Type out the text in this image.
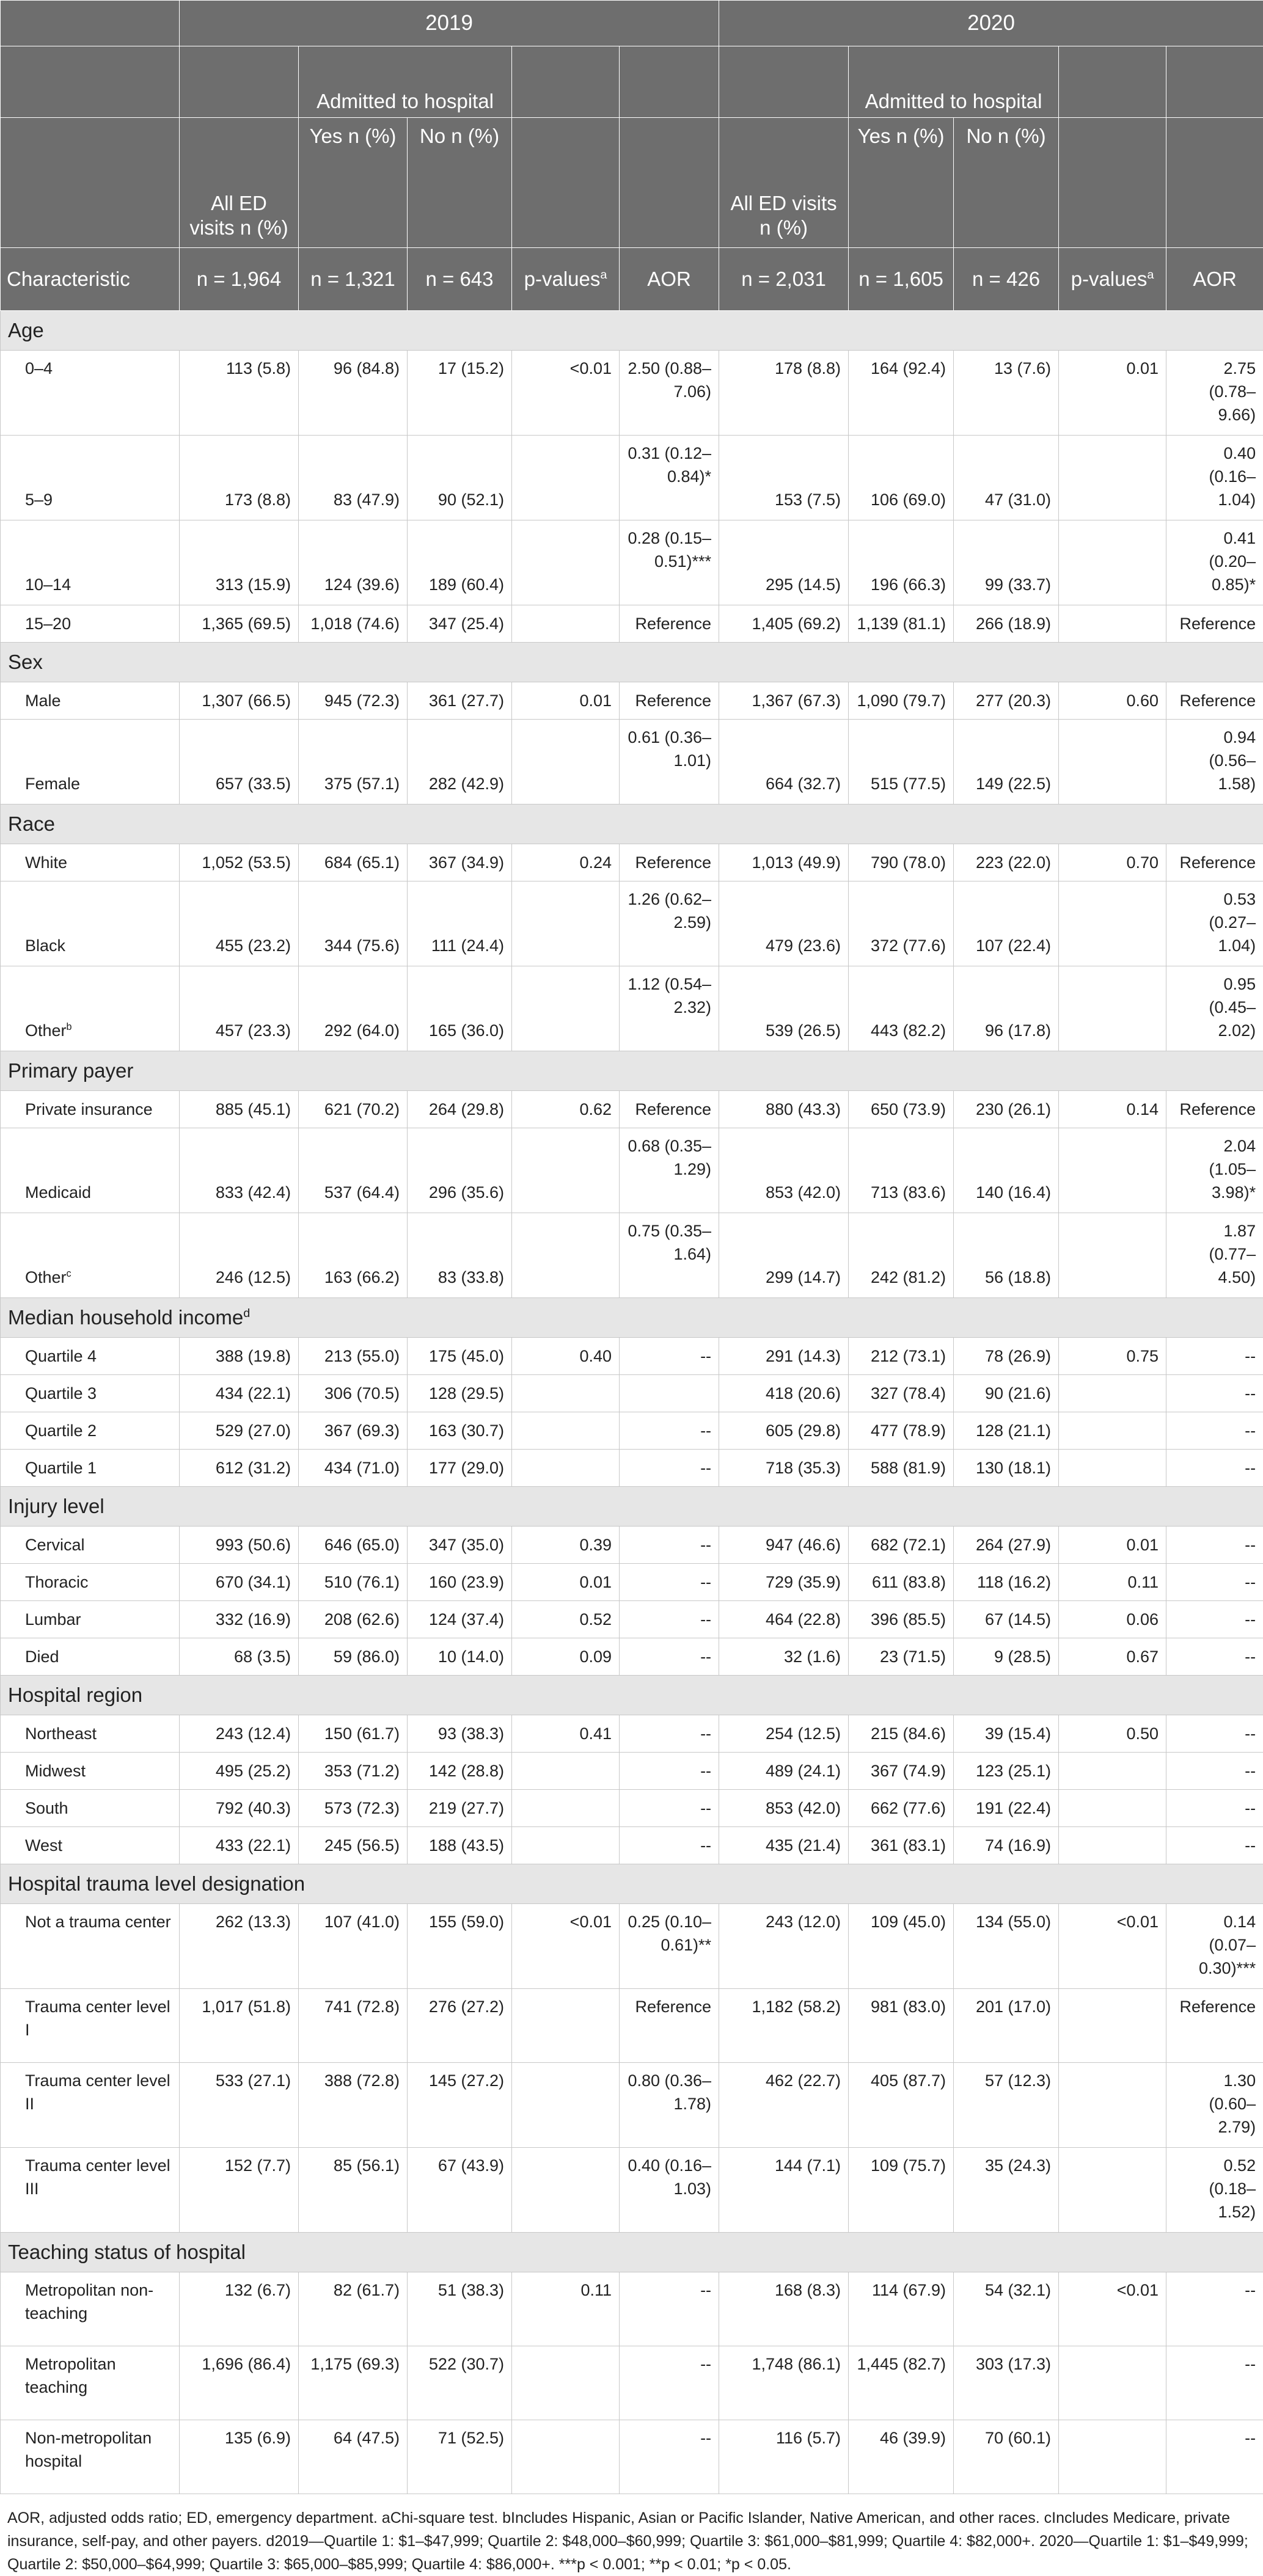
	2019					2020				
		Admitted to hospital					Admitted to hospital			
	All ED visits n (%)	Yes n (%)	No n (%)			All ED visits n (%)	Yes n (%)	No n (%)		
Characteristic	n = 1,964	n = 1,321	n = 643	p-values$^a$	AOR	n = 2,031	n = 1,605	n = 426	p-values$^a$	AOR
Age										
0–4	113 (5.8)	96 (84.8)	17 (15.2)	<0.01	2.50 (0.88–7.06)	178 (8.8)	164 (92.4)	13 (7.6)	0.01	2.75 (0.78–9.66)
5–9	173 (8.8)	83 (47.9)	90 (52.1)		0.31 (0.12–0.84)*	153 (7.5)	106 (69.0)	47 (31.0)		0.40 (0.16–1.04)
10–14	313 (15.9)	124 (39.6)	189 (60.4)		0.28 (0.15–0.51)***	295 (14.5)	196 (66.3)	99 (33.7)		0.41 (0.20–0.85)*
15–20	1,365 (69.5)	1,018 (74.6)	347 (25.4)		Reference	1,405 (69.2)	1,139 (81.1)	266 (18.9)		Reference
Sex										
Male	1,307 (66.5)	945 (72.3)	361 (27.7)	0.01	Reference	1,367 (67.3)	1,090 (79.7)	277 (20.3)	0.60	Reference
Female	657 (33.5)	375 (57.1)	282 (42.9)		0.61 (0.36–1.01)	664 (32.7)	515 (77.5)	149 (22.5)		0.94 (0.56–1.58)
Race										
White	1,052 (53.5)	684 (65.1)	367 (34.9)	0.24	Reference	1,013 (49.9)	790 (78.0)	223 (22.0)	0.70	Reference
Black	455 (23.2)	344 (75.6)	111 (24.4)		1.26 (0.62–2.59)	479 (23.6)	372 (77.6)	107 (22.4)		0.53 (0.27–1.04)
Other$^b$	457 (23.3)	292 (64.0)	165 (36.0)		1.12 (0.54–2.32)	539 (26.5)	443 (82.2)	96 (17.8)		0.95 (0.45–2.02)
Primary payer										
Private insurance	885 (45.1)	621 (70.2)	264 (29.8)	0.62	Reference	880 (43.3)	650 (73.9)	230 (26.1)	0.14	Reference
Medicaid	833 (42.4)	537 (64.4)	296 (35.6)		0.68 (0.35–1.29)	853 (42.0)	713 (83.6)	140 (16.4)		2.04 (1.05–3.98)*
Other$^c$	246 (12.5)	163 (66.2)	83 (33.8)		0.75 (0.35–1.64)	299 (14.7)	242 (81.2)	56 (18.8)		1.87 (0.77–4.50)
Median household income$^d$
Quartile 4	388 (19.8)	213 (55.0)	175 (45.0)	0.40	--	291 (14.3)	212 (73.1)	78 (26.9)	0.75	--
Quartile 3	434 (22.1)	306 (70.5)	128 (29.5)			418 (20.6)	327 (78.4)	90 (21.6)		--
Quartile 2	529 (27.0)	367 (69.3)	163 (30.7)		--	605 (29.8)	477 (78.9)	128 (21.1)		--
Quartile 1	612 (31.2)	434 (71.0)	177 (29.0)		--	718 (35.3)	588 (81.9)	130 (18.1)		--
Injury level										
Cervical	993 (50.6)	646 (65.0)	347 (35.0)	0.39	--	947 (46.6)	682 (72.1)	264 (27.9)	0.01	--
Thoracic	670 (34.1)	510 (76.1)	160 (23.9)	0.01	--	729 (35.9)	611 (83.8)	118 (16.2)	0.11	--
Lumbar	332 (16.9)	208 (62.6)	124 (37.4)	0.52	--	464 (22.8)	396 (85.5)	67 (14.5)	0.06	--
Died	68 (3.5)	59 (86.0)	10 (14.0)	0.09	--	32 (1.6)	23 (71.5)	9 (28.5)	0.67	--
Hospital region										
Northeast	243 (12.4)	150 (61.7)	93 (38.3)	0.41	--	254 (12.5)	215 (84.6)	39 (15.4)	0.50	--
Midwest	495 (25.2)	353 (71.2)	142 (28.8)		--	489 (24.1)	367 (74.9)	123 (25.1)		--
South	792 (40.3)	573 (72.3)	219 (27.7)		--	853 (42.0)	662 (77.6)	191 (22.4)		--
West	433 (22.1)	245 (56.5)	188 (43.5)		--	435 (21.4)	361 (83.1)	74 (16.9)		--
Hospital trauma level designation										
Not a trauma center	262 (13.3)	107 (41.0)	155 (59.0)	<0.01	0.25 (0.10–0.61)**	243 (12.0)	109 (45.0)	134 (55.0)	<0.01	0.14 (0.07–0.30)***
Trauma center level I	1,017 (51.8)	741 (72.8)	276 (27.2)		Reference	1,182 (58.2)	981 (83.0)	201 (17.0)		Reference
Trauma center level II	533 (27.1)	388 (72.8)	145 (27.2)		0.80 (0.36–1.78)	462 (22.7)	405 (87.7)	57 (12.3)		1.30 (0.60–2.79)
Trauma center level III	152 (7.7)	85 (56.1)	67 (43.9)		0.40 (0.16–1.03)	144 (7.1)	109 (75.7)	35 (24.3)		0.52 (0.18–1.52)
Teaching status of hospital										
Metropolitan non-teaching	132 (6.7)	82 (61.7)	51 (38.3)	0.11	--	168 (8.3)	114 (67.9)	54 (32.1)	<0.01	--
Metropolitan teaching	1,696 (86.4)	1,175 (69.3)	522 (30.7)		--	1,748 (86.1)	1,445 (82.7)	303 (17.3)		--
Non-metropolitan hospital	135 (6.9)	64 (47.5)	71 (52.5)		--	116 (5.7)	46 (39.9)	70 (60.1)		--
AOR, adjusted odds ratio; ED, emergency department. aChi-square test. bIncludes Hispanic, Asian or Pacific Islander, Native American, and other races. cIncludes Medicare, private insurance, self-pay, and other payers. d2019—Quartile 1: $1–$47,999; Quartile 2: $48,000–$60,999; Quartile 3: $61,000–$81,999; Quartile 4: $82,000+. 2020—Quartile 1: $1–$49,999; Quartile 2: $50,000–$64,999; Quartile 3: $65,000–$85,999; Quartile 4: $86,000+. ***p < 0.001; **p < 0.01; *p < 0.05.
